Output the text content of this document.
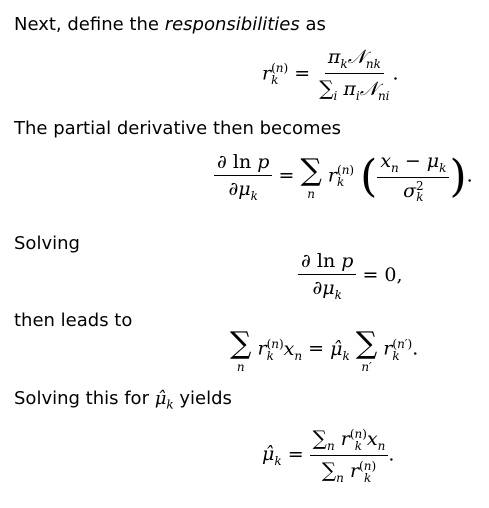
Next, define the responsibilities as
r (n)
$k = \frac{\pi_k𝒩_{nk}}{\sum_i \pi_i𝒩_{ni}}$ .
The partial derivative then becomes
$\frac{\text{∂ ln p}}{\partial\mu_k}$ = ∑
n
r (n)
k ( $x_n - \mu_k$
σ 2
k ).
Solving
$\frac{\text{∂ ln p}}{\partial\mu_k} = 0$,
then leads to
∑
n
r (n)
k $x_n$ = $\mû_k$ ∑
n′
r (n′)
k .
Solving this for $\mû_k$ yields
$\mû_k = \sum_n$ r (n)
k $x_n$
$\sum_n$ r (n)
k .
